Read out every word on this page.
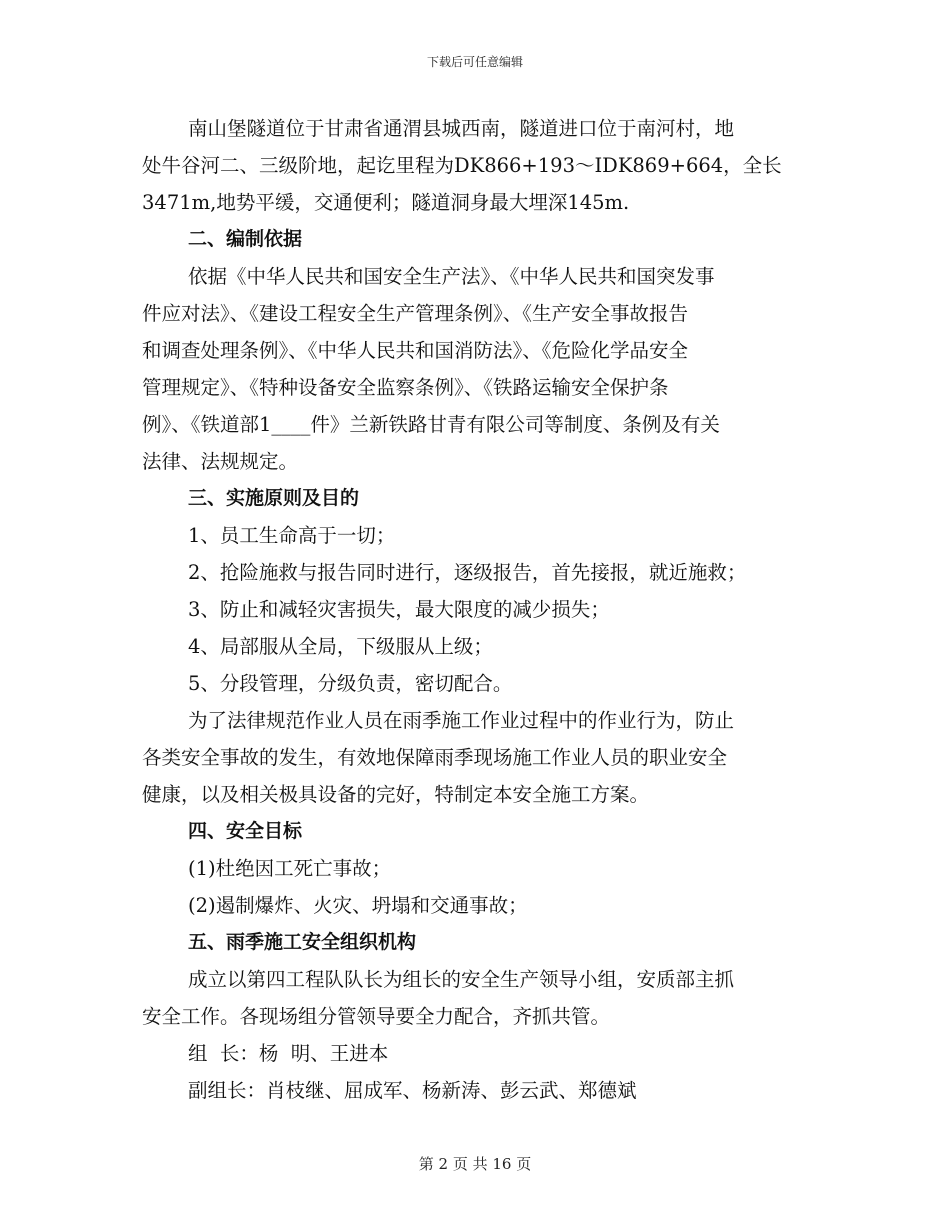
下载后可任意编辑
南山堡隧道位于甘肃省通渭县城西南，隧道进口位于南河村，地
处牛谷河二、三级阶地，起讫里程为DK866+193～IDK869+664，全长
3471m,地势平缓，交通便利；隧道洞身最大埋深145m.
二、编制依据
依据《中华人民共和国安全生产法》、《中华人民共和国突发事
件应对法》、《建设工程安全生产管理条例》、《生产安全事故报告
和调查处理条例》、《中华人民共和国消防法》、《危险化学品安全
管理规定》、《特种设备安全监察条例》、《铁路运输安全保护条
例》、《铁道部1____件》兰新铁路甘青有限公司等制度、条例及有关
法律、法规规定。
三、实施原则及目的
1、员工生命高于一切；
2、抢险施救与报告同时进行，逐级报告，首先接报，就近施救；
3、防止和减轻灾害损失，最大限度的减少损失；
4、局部服从全局，下级服从上级；
5、分段管理，分级负责，密切配合。
为了法律规范作业人员在雨季施工作业过程中的作业行为，防止
各类安全事故的发生，有效地保障雨季现场施工作业人员的职业安全
健康，以及相关极具设备的完好，特制定本安全施工方案。
四、安全目标
(1)杜绝因工死亡事故；
(2)遏制爆炸、火灾、坍塌和交通事故；
五、雨季施工安全组织机构
成立以第四工程队队长为组长的安全生产领导小组，安质部主抓
安全工作。各现场组分管领导要全力配合，齐抓共管。
组  长：杨  明、王进本
副组长：肖枝继、屈成军、杨新涛、彭云武、郑德斌
第 2 页 共 16 页
